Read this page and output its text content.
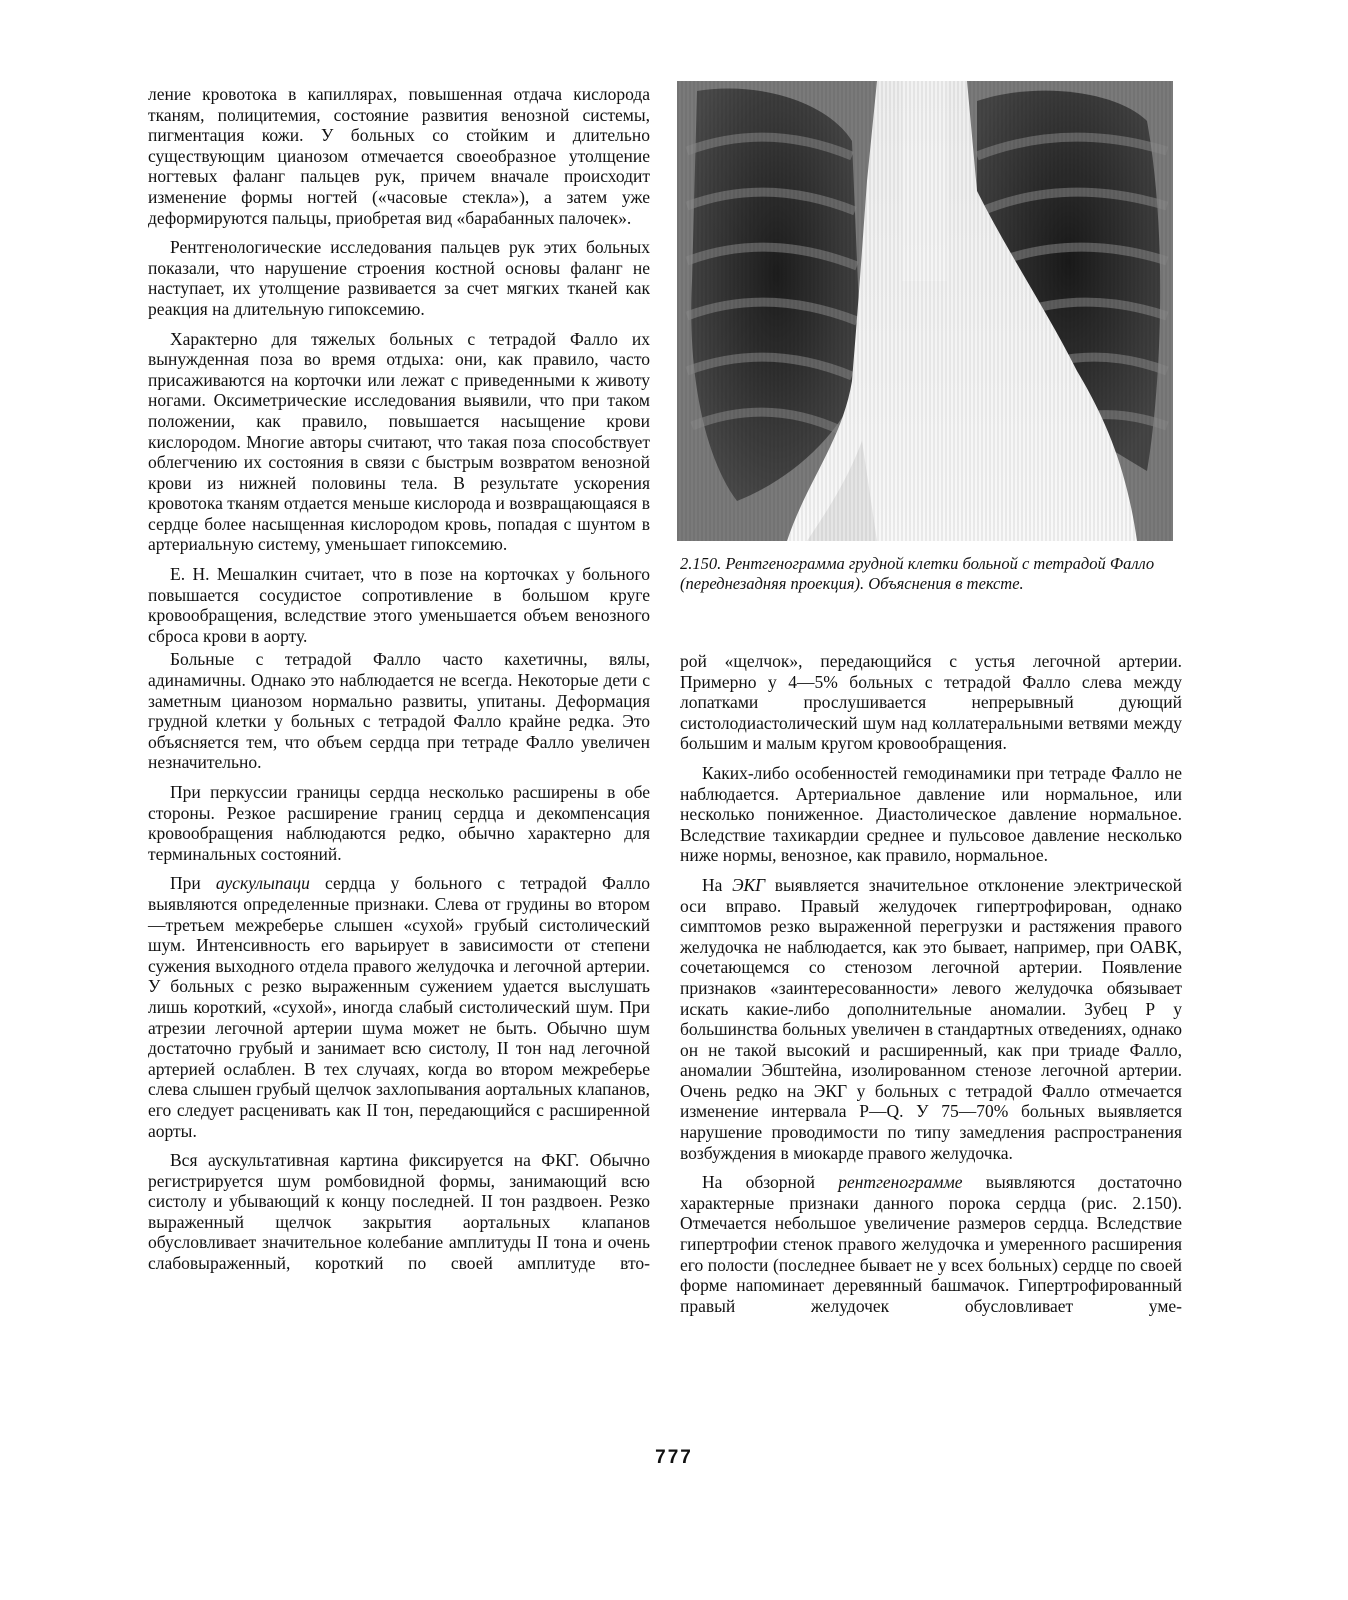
ление кровотока в капиллярах, повышенная отдача кислорода тканям, полицитемия, состояние развития венозной системы, пигментация кожи. У больных со стойким и длительно существующим цианозом отмечается своеобразное утолщение ногтевых фаланг пальцев рук, причем вначале происходит изменение формы ногтей («часовые стекла»), а затем уже деформируются пальцы, приобретая вид «барабанных палочек».

Рентгенологические исследования пальцев рук этих больных показали, что нарушение строения костной основы фаланг не наступает, их утолщение развивается за счет мягких тканей как реакция на длительную гипоксемию.

Характерно для тяжелых больных с тетрадой Фалло их вынужденная поза во время отдыха: они, как правило, часто присаживаются на корточки или лежат с приведенными к животу ногами. Оксиметрические исследования выявили, что при таком положении, как правило, повышается насыщение крови кислородом. Многие авторы считают, что такая поза способствует облегчению их состояния в связи с быстрым возвратом венозной крови из нижней половины тела. В результате ускорения кровотока тканям отдается меньше кислорода и возвращающаяся в сердце более насыщенная кислородом кровь, попадая с шунтом в артериальную систему, уменьшает гипоксемию.

Е. Н. Мешалкин считает, что в позе на корточках у больного повышается сосудистое сопротивление в большом круге кровообращения, вследствие этого уменьшается объем венозного сброса крови в аорту.

Больные с тетрадой Фалло часто кахетичны, вялы, адинамичны. Однако это наблюдается не всегда. Некоторые дети с заметным цианозом нормально развиты, упитаны. Деформация грудной клетки у больных с тетрадой Фалло крайне редка. Это объясняется тем, что объем сердца при тетраде Фалло увеличен незначительно.

При перкуссии границы сердца несколько расширены в обе стороны. Резкое расширение границ сердца и декомпенсация кровообращения наблюдаются редко, обычно характерно для терминальных состояний.

При аускулыпаци сердца у больного с тетрадой Фалло выявляются определенные признаки. Слева от грудины во втором—третьем межреберье слышен «сухой» грубый систолический шум. Интенсивность его варьирует в зависимости от степени сужения выходного отдела правого желудочка и легочной артерии. У больных с резко выраженным сужением удается выслушать лишь короткий, «сухой», иногда слабый систолический шум. При атрезии легочной артерии шума может не быть. Обычно шум достаточно грубый и занимает всю систолу, II тон над легочной артерией ослаблен. В тех случаях, когда во втором межреберье слева слышен грубый щелчок захлопывания аортальных клапанов, его следует расценивать как II тон, передающийся с расширенной аорты.

Вся аускультативная картина фиксируется на ФКГ. Обычно регистрируется шум ромбовидной формы, занимающий всю систолу и убывающий к концу последней. II тон раздвоен. Резко выраженный щелчок закрытия аортальных клапанов обусловливает значительное колебание амплитуды II тона и очень слабовыраженный, короткий по своей амплитуде вто-

2.150. Рентгенограмма грудной клетки больной с тетрадой Фалло (переднезадняя проекция). Объяснения в тексте.

рой «щелчок», передающийся с устья легочной артерии. Примерно у 4—5% больных с тетрадой Фалло слева между лопатками прослушивается непрерывный дующий систолодиастолический шум над коллатеральными ветвями между большим и малым кругом кровообращения.

Каких-либо особенностей гемодинамики при тетраде Фалло не наблюдается. Артериальное давление или нормальное, или несколько пониженное. Диастолическое давление нормальное. Вследствие тахикардии среднее и пульсовое давление несколько ниже нормы, венозное, как правило, нормальное.

На ЭКГ выявляется значительное отклонение электрической оси вправо. Правый желудочек гипертрофирован, однако симптомов резко выраженной перегрузки и растяжения правого желудочка не наблюдается, как это бывает, например, при ОАВК, сочетающемся со стенозом легочной артерии. Появление признаков «заинтересованности» левого желудочка обязывает искать какие-либо дополнительные аномалии. Зубец Р у большинства больных увеличен в стандартных отведениях, однако он не такой высокий и расширенный, как при триаде Фалло, аномалии Эбштейна, изолированном стенозе легочной артерии. Очень редко на ЭКГ у больных с тетрадой Фалло отмечается изменение интервала Р—Q. У 75—70% больных выявляется нарушение проводимости по типу замедления распространения возбуждения в миокарде правого желудочка.

На обзорной рентгенограмме выявляются достаточно характерные признаки данного порока сердца (рис. 2.150). Отмечается небольшое увеличение размеров сердца. Вследствие гипертрофии стенок правого желудочка и умеренного расширения его полости (последнее бывает не у всех больных) сердце по своей форме напоминает деревянный башмачок. Гипертрофированный правый желудочек обусловливает уме-

777
